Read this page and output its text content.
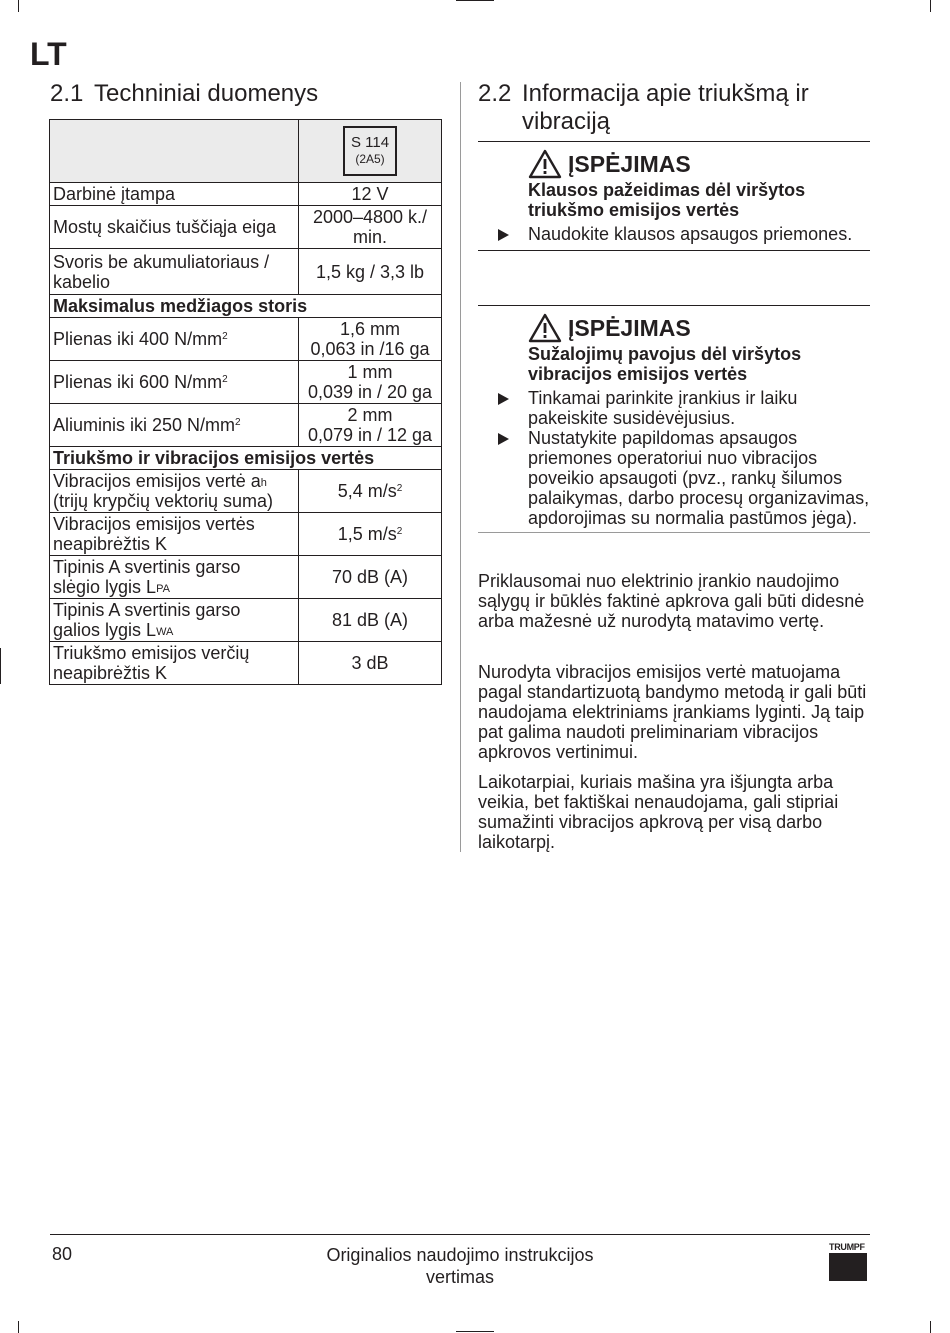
LT
2.1 Techniniai duomenys

	S 114
(2A5)

Darbinė įtampa	12 V
Mostų skaičius tuščiąja eiga	2000–4800 k./ min.
Svoris be akumuliatoriaus / kabelio	1,5 kg / 3,3 lb
Maksimalus medžiagos storis	
Plienas iki 400 $N/mm^2$	1,6 mm
0,063 in /16 ga

Plienas iki 600 $N/mm^2$	1 mm
0,039 in / 20 ga

Aliuminis iki 250 $N/mm^2$	2 mm
0,079 in / 12 ga

Triukšmo ir vibracijos emisijos vertės	
Vibracijos emisijos vertė $a_h$
(trijų krypčių vektorių suma)	5,4 $m/s^2$
Vibracijos emisijos vertės
neapibrėžtis K	1,5 $m/s^2$
Tipinis A svertinis garso
slėgio lygis $L_{PA}$	70 dB (A)
Tipinis A svertinis garso
galios lygis $L_{WA}$	81 dB (A)
Triukšmo emisijos verčių
neapibrėžtis K	3 dB
2.2 Informacija apie triukšmą ir vibraciją
ĮSPĖJIMAS
Klausos pažeidimas dėl viršytos triukšmo emisijos vertės
Naudokite klausos apsaugos priemones.
ĮSPĖJIMAS
Sužalojimų pavojus dėl viršytos vibracijos emisijos vertės
Tinkamai parinkite įrankius ir laiku pakeiskite susidėvėjusius.
Nustatykite papildomas apsaugos priemones operatoriui nuo vibracijos poveikio apsaugoti (pvz., rankų šilumos palaikymas, darbo procesų organizavimas, apdorojimas su normalia pastūmos jėga).

Priklausomai nuo elektrinio įrankio naudojimo sąlygų ir būklės faktinė apkrova gali būti didesnė arba mažesnė už nurodytą matavimo vertę.

Nurodyta vibracijos emisijos vertė matuojama pagal standartizuotą bandymo metodą ir gali būti naudojama elektriniams įrankiams lyginti. Ją taip pat galima naudoti preliminariam vibracijos apkrovos vertinimui.

Laikotarpiai, kuriais mašina yra išjungta arba veikia, bet faktiškai nenaudojama, gali stipriai sumažinti vibracijos apkrovą per visą darbo laikotarpį.

80	Originalios naudojimo instrukcijos vertimas
TRUMPF
